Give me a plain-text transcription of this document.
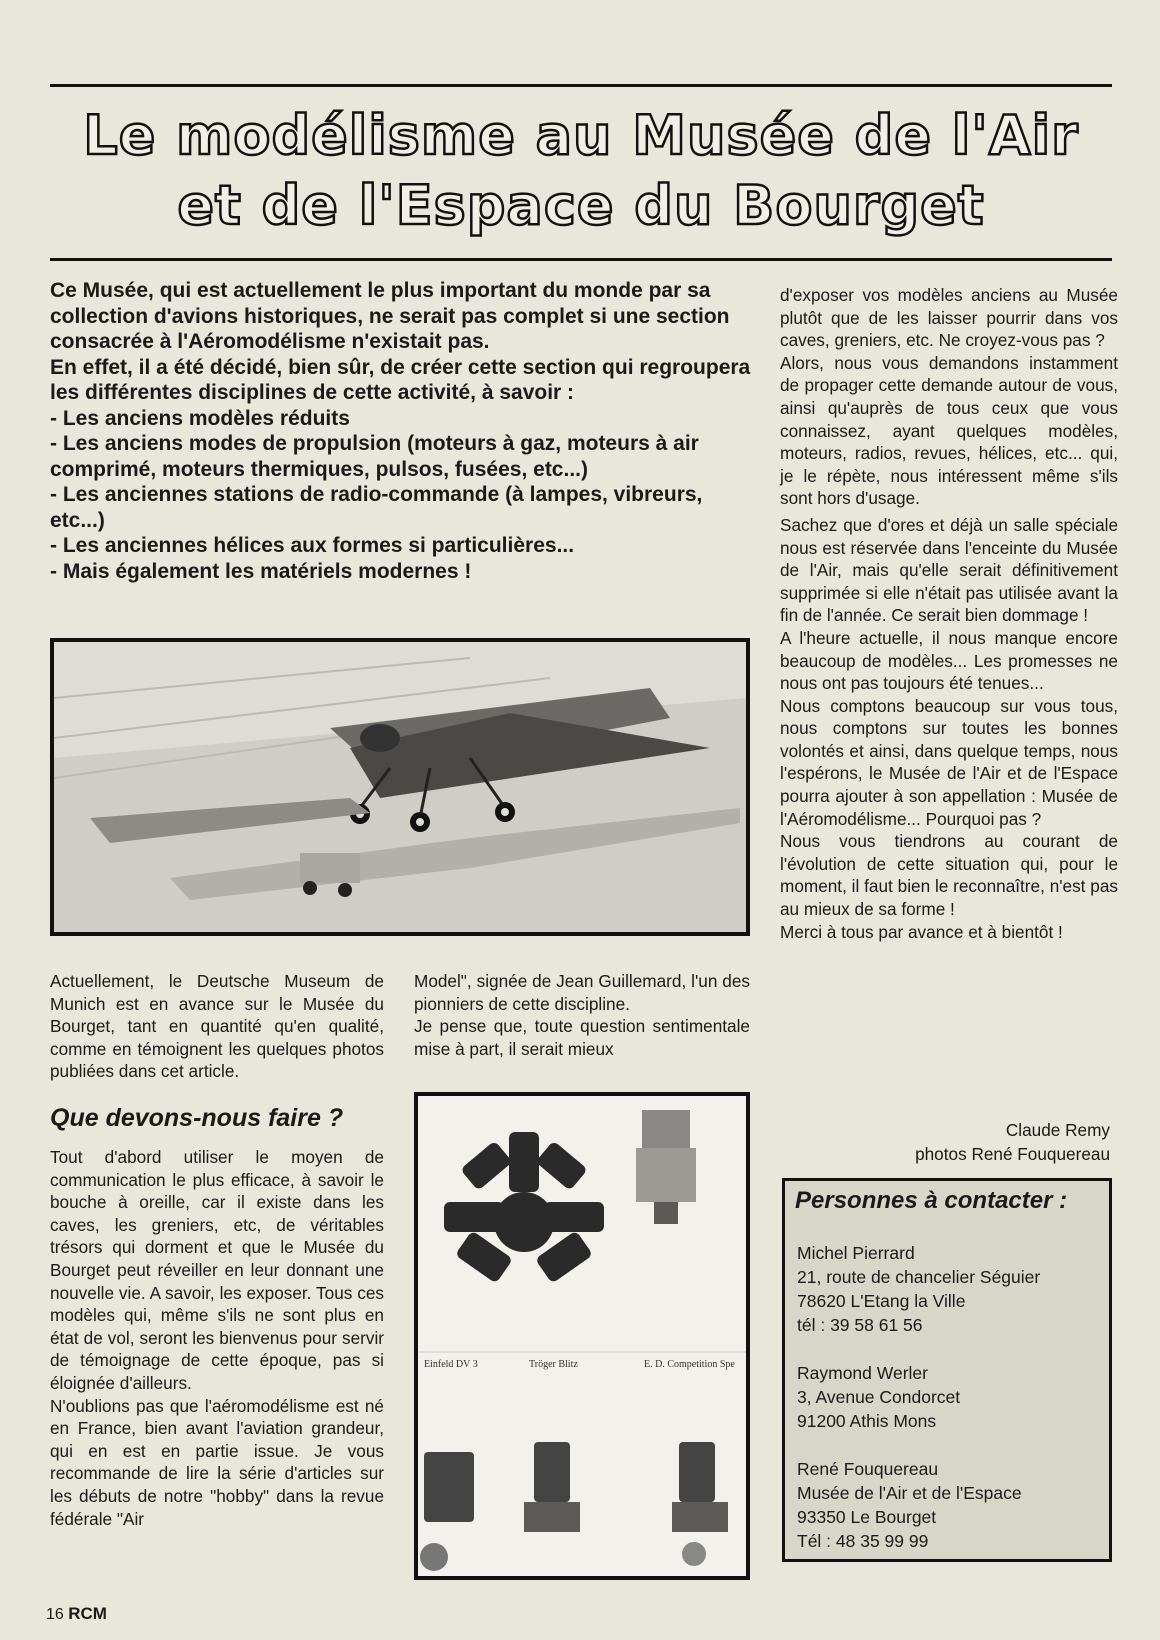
Le modélisme au Musée de l'Air
et de l'Espace du Bourget

Ce Musée, qui est actuellement le plus important du monde par sa collection d'avions historiques, ne serait pas complet si une section consacrée à l'Aéromodélisme n'existait pas.

En effet, il a été décidé, bien sûr, de créer cette section qui regroupera les différentes disciplines de cette activité, à savoir :

- Les anciens modèles réduits

- Les anciens modes de propulsion (moteurs à gaz, moteurs à air comprimé, moteurs thermiques, pulsos, fusées, etc...)

- Les anciennes stations de radio-commande (à lampes, vibreurs, etc...)

- Les anciennes hélices aux formes si particulières...

- Mais également les matériels modernes !

Actuellement, le Deutsche Museum de Munich est en avance sur le Musée du Bourget, tant en quantité qu'en qualité, comme en témoignent les quelques photos publiées dans cet article.

Que devons-nous faire ?

Tout d'abord utiliser le moyen de communication le plus efficace, à savoir le bouche à oreille, car il existe dans les caves, les greniers, etc, de véritables trésors qui dorment et que le Musée du Bourget peut réveiller en leur donnant une nouvelle vie. A savoir, les exposer. Tous ces modèles qui, même s'ils ne sont plus en état de vol, seront les bienvenus pour servir de témoignage de cette époque, pas si éloignée d'ailleurs.

N'oublions pas que l'aéromodélisme est né en France, bien avant l'aviation grandeur, qui en est en partie issue. Je vous recommande de lire la série d'articles sur les débuts de notre "hobby" dans la revue fédérale "Air

Model", signée de Jean Guillemard, l'un des pionniers de cette discipline.

Je pense que, toute question sentimentale mise à part, il serait mieux

Einfeld DV 3	Tröger Blitz	E. D. Competition Spe

d'exposer vos modèles anciens au Musée plutôt que de les laisser pourrir dans vos caves, greniers, etc. Ne croyez-vous pas ?

Alors, nous vous demandons instamment de propager cette demande autour de vous, ainsi qu'auprès de tous ceux que vous connaissez, ayant quelques modèles, moteurs, radios, revues, hélices, etc... qui, je le répète, nous intéressent même s'ils sont hors d'usage.

Sachez que d'ores et déjà un salle spéciale nous est réservée dans l'enceinte du Musée de l'Air, mais qu'elle serait définitivement supprimée si elle n'était pas utilisée avant la fin de l'année. Ce serait bien dommage !

A l'heure actuelle, il nous manque encore beaucoup de modèles... Les promesses ne nous ont pas toujours été tenues...

Nous comptons beaucoup sur vous tous, nous comptons sur toutes les bonnes volontés et ainsi, dans quelque temps, nous l'espérons, le Musée de l'Air et de l'Espace pourra ajouter à son appellation : Musée de l'Aéromodélisme... Pourquoi pas ?

Nous vous tiendrons au courant de l'évolution de cette situation qui, pour le moment, il faut bien le reconnaître, n'est pas au mieux de sa forme !

Merci à tous par avance et à bientôt !

Claude Remy
photos René Fouquereau
Personnes à contacter :
Michel Pierrard
21, route de chancelier Séguier
78620 L'Etang la Ville
tél : 39 58 61 56
Raymond Werler
3, Avenue Condorcet
91200 Athis Mons
René Fouquereau
Musée de l'Air et de l'Espace
93350 Le Bourget
Tél : 48 35 99 99
16 RCM
